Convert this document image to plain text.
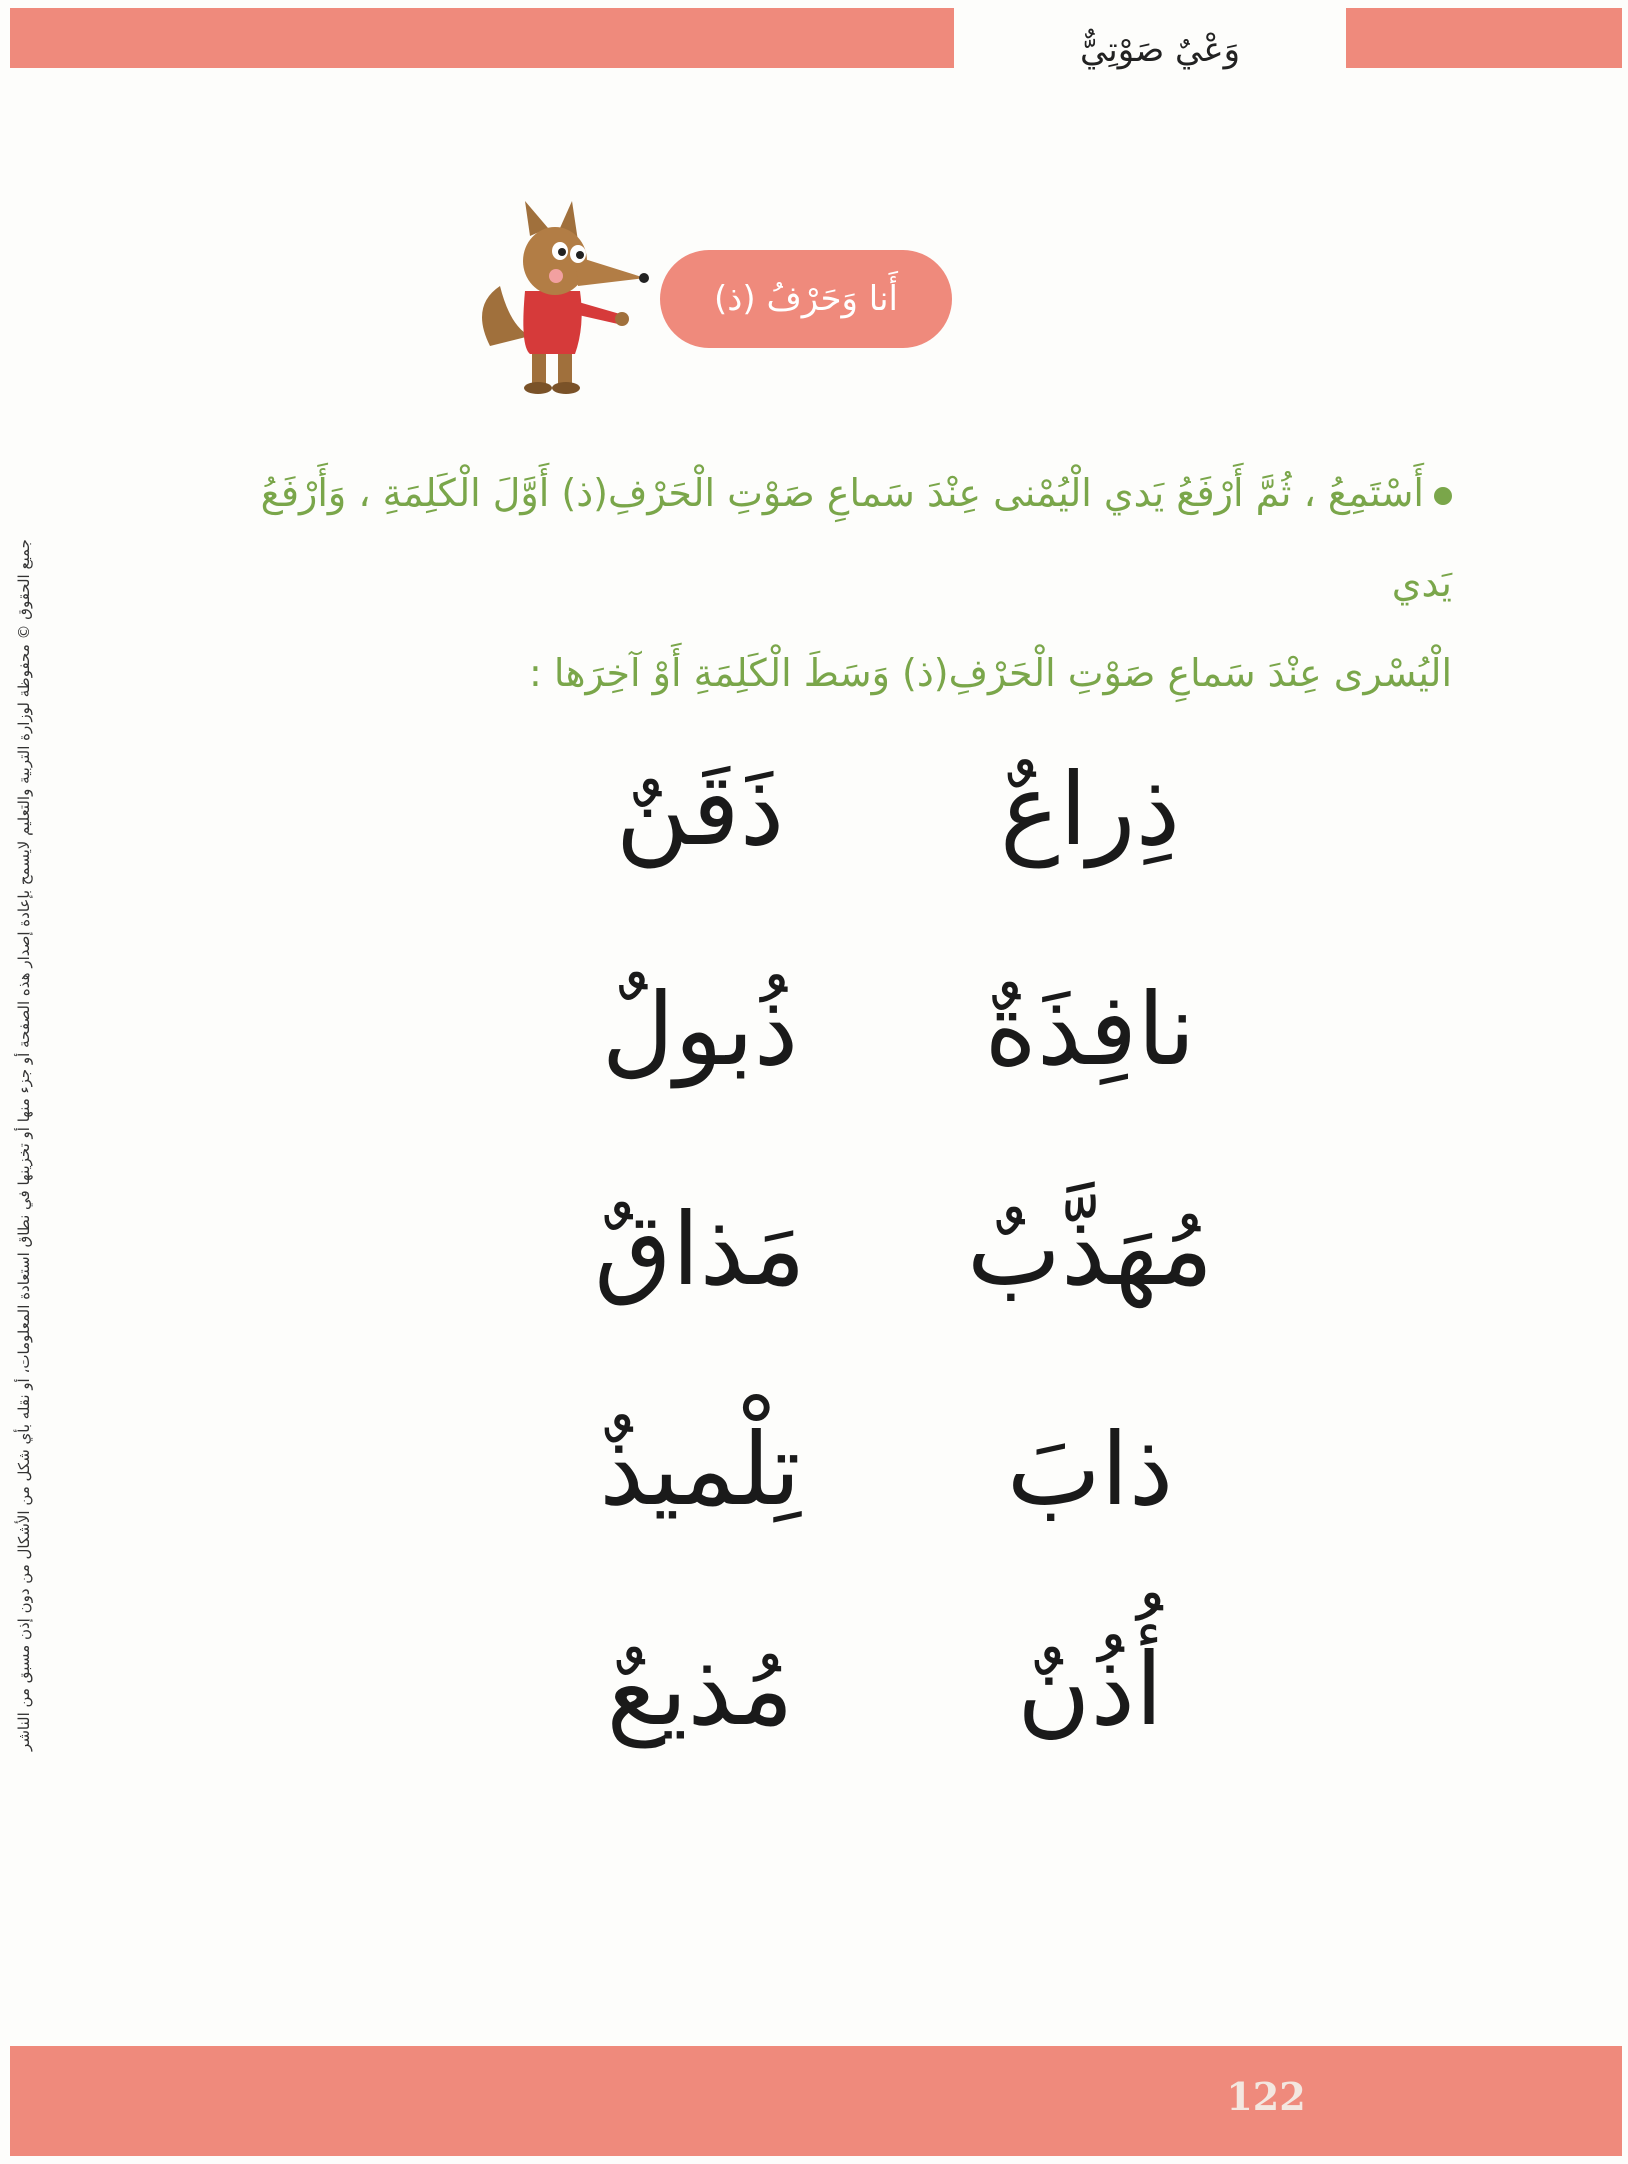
وَعْيٌ صَوْتِيٌّ
أَنا وَحَرْفُ (ذ)
أَسْتَمِعُ ، ثُمَّ أَرْفَعُ يَدي الْيُمْنى عِنْدَ سَماعِ صَوْتِ الْحَرْفِ(ذ) أَوَّلَ الْكَلِمَةِ ، وَأَرْفَعُ يَدي
الْيُسْرى عِنْدَ سَماعِ صَوْتِ الْحَرْفِ(ذ) وَسَطَ الْكَلِمَةِ أَوْ آخِرَها :
ذِراعٌ
نافِذَةٌ
مُهَذَّبٌ
ذابَ
أُذُنٌ
ذَقَنٌ
ذُبولٌ
مَذاقٌ
تِلْميذٌ
مُذيعٌ
جميع الحقوق © محفوظة لوزارة التربية والتعليم لايسمح بإعادة إصدار هذه الصفحة أو جزء منها أو تخزينها في نطاق استعادة المعلومات، أو نقله بأي شكل من الأشكال من دون إذن مسبق من الناشر
122
